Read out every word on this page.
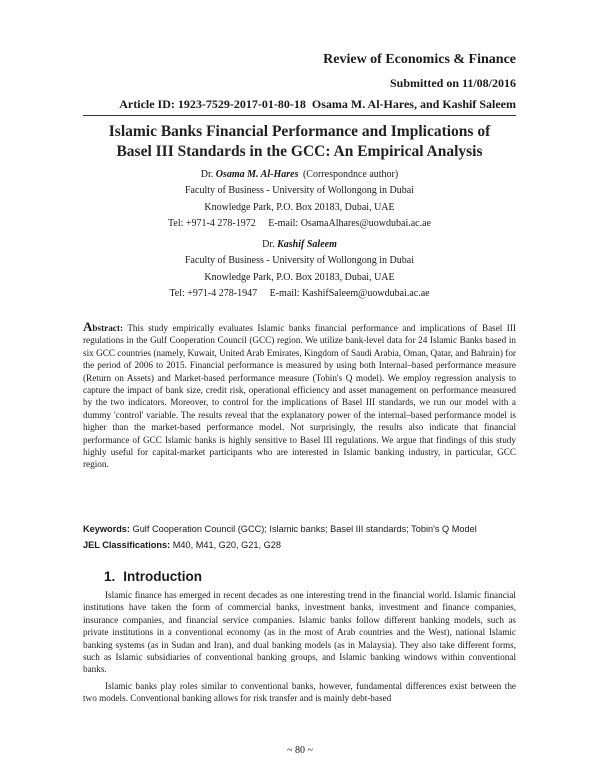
Review of Economics & Finance
Submitted on 11/08/2016
Article ID: 1923-7529-2017-01-80-18 Osama M. Al-Hares, and Kashif Saleem
Islamic Banks Financial Performance and Implications of
Basel III Standards in the GCC: An Empirical Analysis
Dr. Osama M. Al-Hares (Correspondnce author)
Faculty of Business - University of Wollongong in Dubai
Knowledge Park, P.O. Box 20183, Dubai, UAE
Tel: +971-4 278-1972     E-mail: OsamaAlhares@uowdubai.ac.ae
Dr. Kashif Saleem
Faculty of Business - University of Wollongong in Dubai
Knowledge Park, P.O. Box 20183, Dubai, UAE
Tel: +971-4 278-1947     E-mail: KashifSaleem@uowdubai.ac.ae
Abstract: This study empirically evaluates Islamic banks financial performance and implications of Basel III regulations in the Gulf Cooperation Council (GCC) region. We utilize bank-level data for 24 Islamic Banks based in six GCC countries (namely, Kuwait, United Arab Emirates, Kingdom of Saudi Arabia, Oman, Qatar, and Bahrain) for the period of 2006 to 2015. Financial performance is measured by using both Internal–based performance measure (Return on Assets) and Market-based performance measure (Tobin's Q model). We employ regression analysis to capture the impact of bank size, credit risk, operational efficiency and asset management on performance measured by the two indicators. Moreover, to control for the implications of Basel III standards, we run our model with a dummy 'control' variable. The results reveal that the explanatory power of the internal–based performance model is higher than the market-based performance model. Not surprisingly, the results also indicate that financial performance of GCC Islamic banks is highly sensitive to Basel III regulations. We argue that findings of this study highly useful for capital-market participants who are interested in Islamic banking industry, in particular, GCC region.
Keywords: Gulf Cooperation Council (GCC); Islamic banks; Basel III standards; Tobin's Q Model
JEL Classifications: M40, M41, G20, G21, G28
1. Introduction
Islamic finance has emerged in recent decades as one interesting trend in the financial world. Islamic financial institutions have taken the form of commercial banks, investment banks, investment and finance companies, insurance companies, and financial service companies. Islamic banks follow different banking models, such as private institutions in a conventional economy (as in the most of Arab countries and the West), national Islamic banking systems (as in Sudan and Iran), and dual banking models (as in Malaysia). They also take different forms, such as Islamic subsidiaries of conventional banking groups, and Islamic banking windows within conventional banks.
Islamic banks play roles similar to conventional banks, however, fundamental differences exist between the two models. Conventional banking allows for risk transfer and is mainly debt-based
~ 80 ~
